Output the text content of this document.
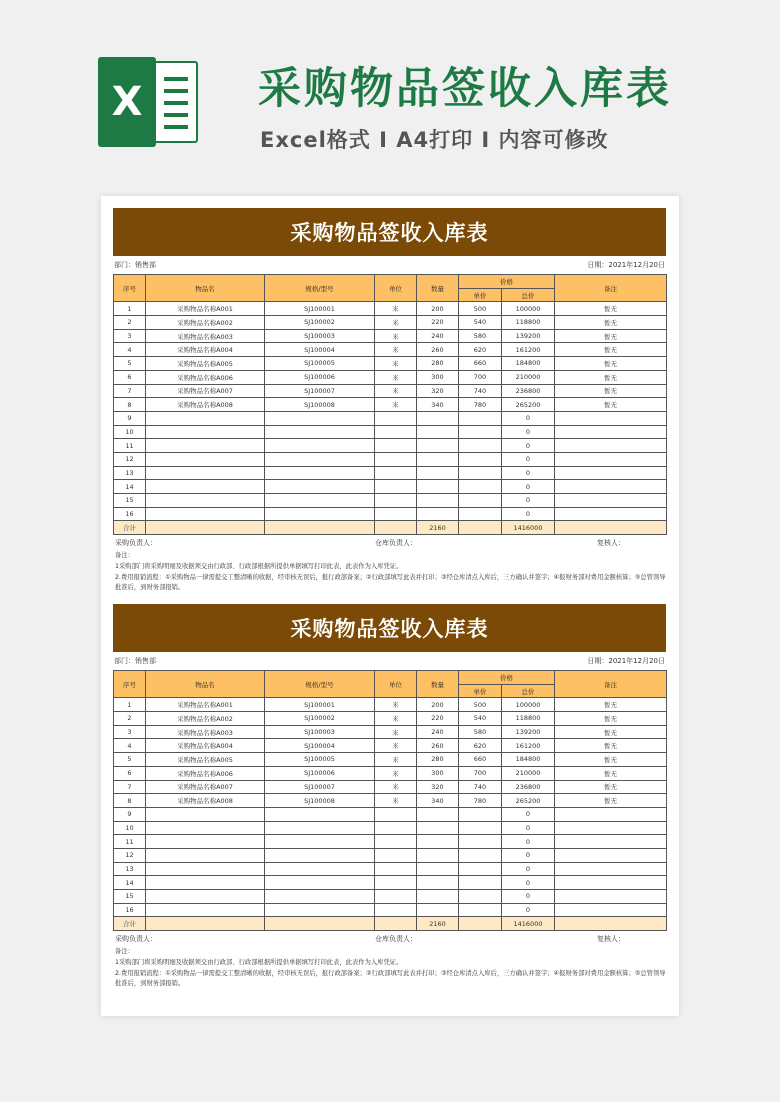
X	采购物品签收入库表
Excel格式 I A4打印 I 内容可修改
采购物品签收入库表
部门：销售部	日期：2021年12月20日
序号	物品名	规格/型号	单位	数量	价格		备注
					单价	总价	
1	采购物品名称A001	SJ100001	米	200	500	100000	暂无
2	采购物品名称A002	SJ100002	米	220	540	118800	暂无
3	采购物品名称A003	SJ100003	米	240	580	139200	暂无
4	采购物品名称A004	SJ100004	米	260	620	161200	暂无
5	采购物品名称A005	SJ100005	米	280	660	184800	暂无
6	采购物品名称A006	SJ100006	米	300	700	210000	暂无
7	采购物品名称A007	SJ100007	米	320	740	236800	暂无
8	采购物品名称A008	SJ100008	米	340	780	265200	暂无
9						0	
10						0	
11						0	
12						0	
13						0	
14						0	
15						0	
16						0	
合计				2160		1416000	
采购负责人：	仓库负责人：	复核人：
备注：
1采购部门将采购明细及收据须交由行政部、行政部根据所提供单据填写打印此表，此表作为入库凭证。
2.费用报销流程：①采购物品一律需提交工整清晰的收据，经审核无误后，报行政部备案；②行政部填写此表并打印；③经仓库清点入库后，三方确认并签字；④报财务部对费用金额核算；⑤总管领导批准后，到财务部报销。
采购物品签收入库表
部门：销售部	日期：2021年12月20日
序号	物品名	规格/型号	单位	数量	价格		备注
					单价	总价	
1	采购物品名称A001	SJ100001	米	200	500	100000	暂无
2	采购物品名称A002	SJ100002	米	220	540	118800	暂无
3	采购物品名称A003	SJ100003	米	240	580	139200	暂无
4	采购物品名称A004	SJ100004	米	260	620	161200	暂无
5	采购物品名称A005	SJ100005	米	280	660	184800	暂无
6	采购物品名称A006	SJ100006	米	300	700	210000	暂无
7	采购物品名称A007	SJ100007	米	320	740	236800	暂无
8	采购物品名称A008	SJ100008	米	340	780	265200	暂无
9						0	
10						0	
11						0	
12						0	
13						0	
14						0	
15						0	
16						0	
合计				2160		1416000	
采购负责人：	仓库负责人：	复核人：
备注：
1采购部门将采购明细及收据须交由行政部、行政部根据所提供单据填写打印此表，此表作为入库凭证。
2.费用报销流程：①采购物品一律需提交工整清晰的收据，经审核无误后，报行政部备案；②行政部填写此表并打印；③经仓库清点入库后，三方确认并签字；④报财务部对费用金额核算；⑤总管领导批准后，到财务部报销。
